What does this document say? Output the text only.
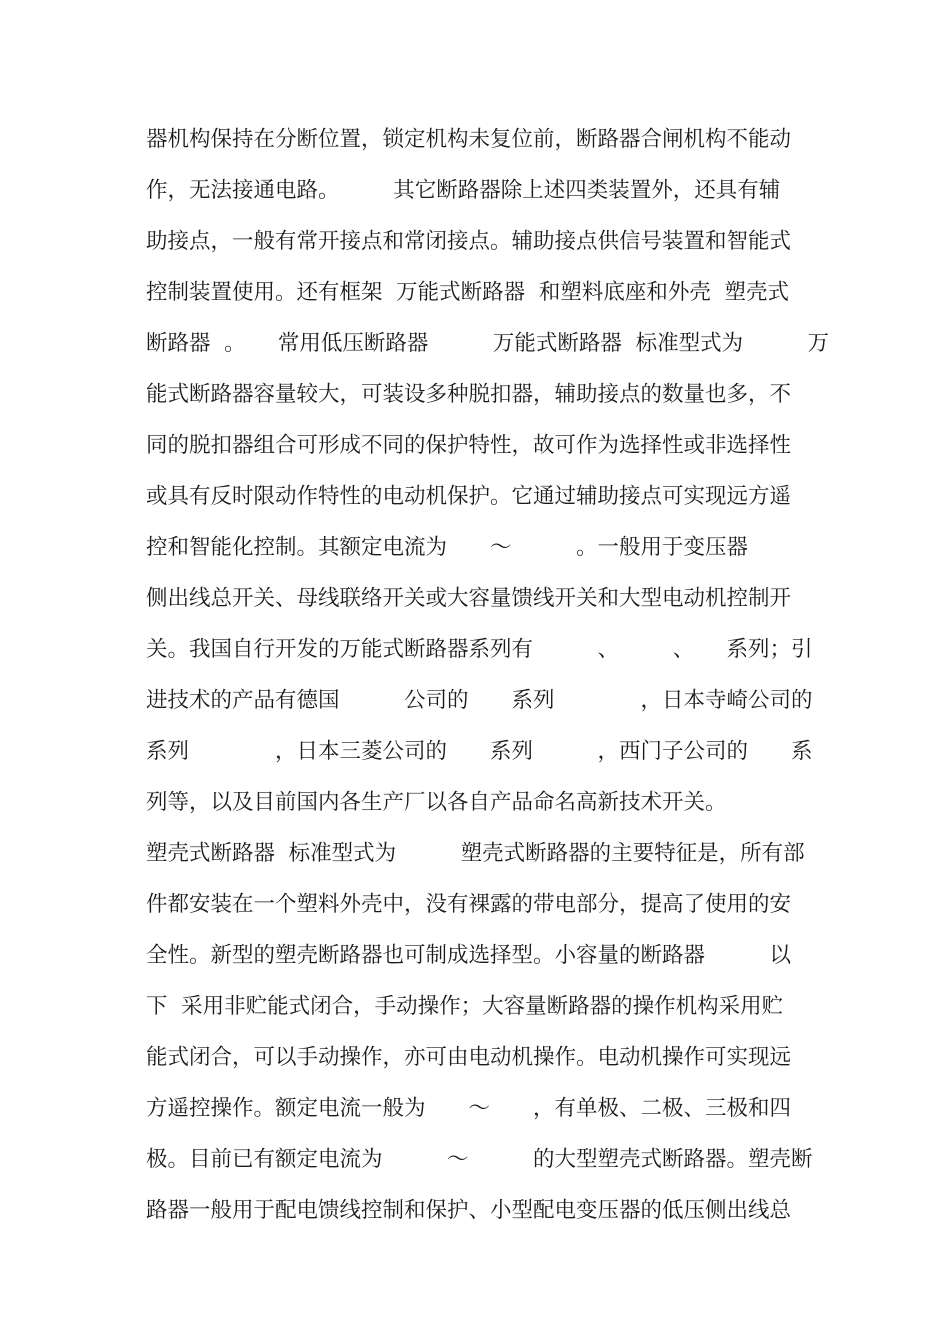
器机构保持在分断位置，锁定机构未复位前，断路器合闸机构不能动
作，无法接通电路。　　　其它断路器除上述四类装置外，还具有辅
助接点，一般有常开接点和常闭接点。辅助接点供信号装置和智能式
控制装置使用。还有框架  万能式断路器  和塑料底座和外壳  塑壳式
断路器  。　　常用低压断路器　　　万能式断路器  标准型式为　　　万
能式断路器容量较大，可装设多种脱扣器，辅助接点的数量也多，不
同的脱扣器组合可形成不同的保护特性，故可作为选择性或非选择性
或具有反时限动作特性的电动机保护。它通过辅助接点可实现远方遥
控和智能化控制。其额定电流为　　～　　　。一般用于变压器
侧出线总开关、母线联络开关或大容量馈线开关和大型电动机控制开
关。我国自行开发的万能式断路器系列有　　　、　　　、　　系列；引
进技术的产品有德国　　　公司的　　系列　　　　，日本寺崎公司的
系列　　　　，日本三菱公司的　　系列　　　，西门子公司的　　系
列等，以及目前国内各生产厂以各自产品命名高新技术开关。
塑壳式断路器  标准型式为　　　塑壳式断路器的主要特征是，所有部
件都安装在一个塑料外壳中，没有裸露的带电部分，提高了使用的安
全性。新型的塑壳断路器也可制成选择型。小容量的断路器　　　以
下  采用非贮能式闭合，手动操作；大容量断路器的操作机构采用贮
能式闭合，可以手动操作，亦可由电动机操作。电动机操作可实现远
方遥控操作。额定电流一般为　　～　　，有单极、二极、三极和四
极。目前已有额定电流为　　　～　　　的大型塑壳式断路器。塑壳断
路器一般用于配电馈线控制和保护、小型配电变压器的低压侧出线总
